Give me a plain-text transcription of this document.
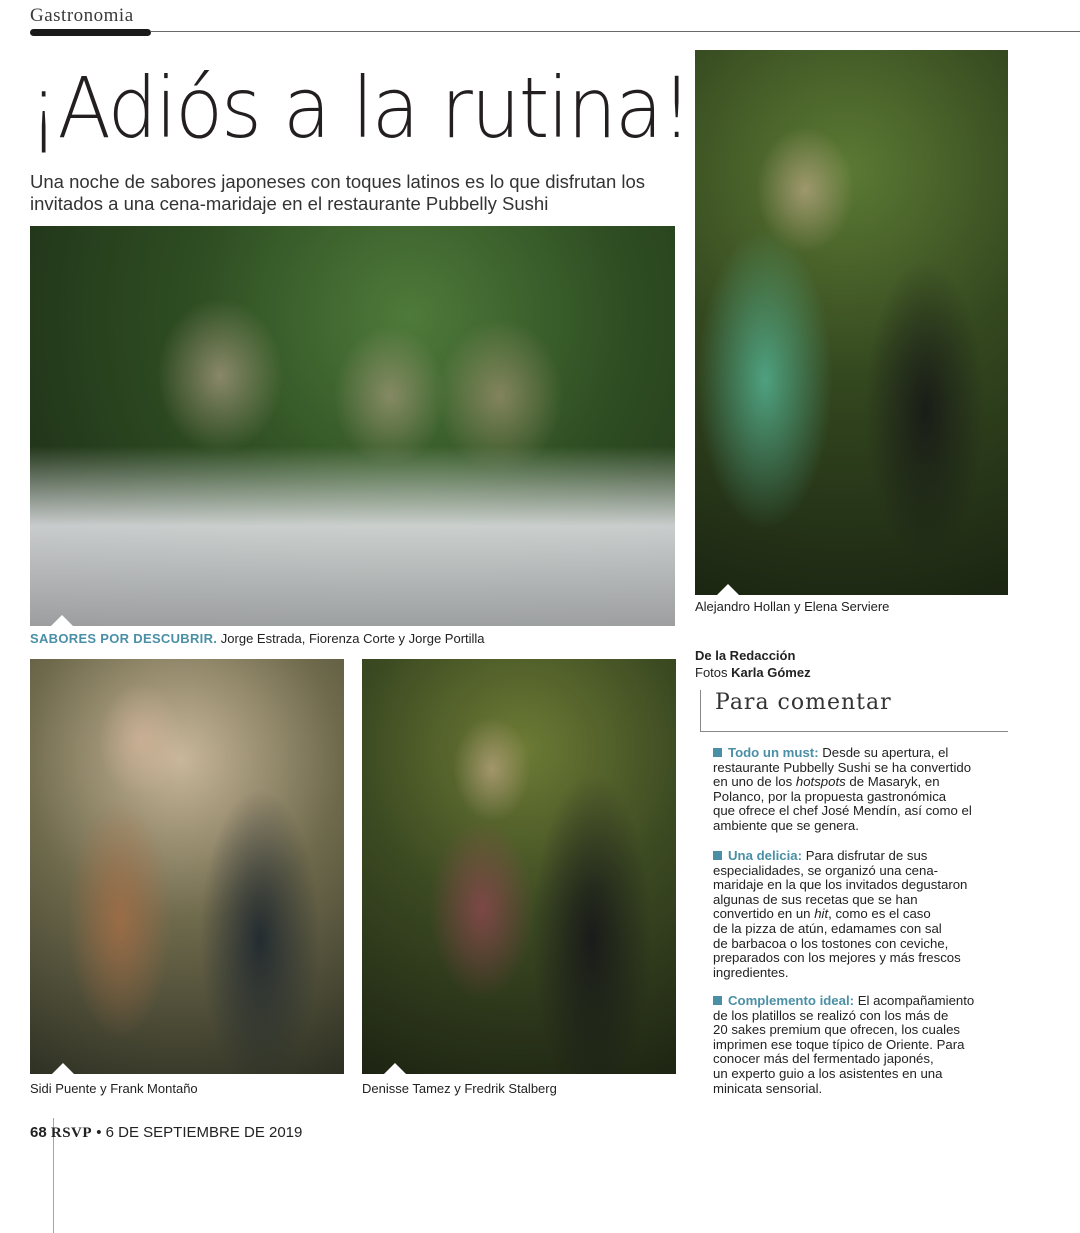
Gastronomia
¡Adiós a la rutina!
Una noche de sabores japoneses con toques latinos es lo que disfrutan los
invitados a una cena-maridaje en el restaurante Pubbelly Sushi
SABORES POR DESCUBRIR. Jorge Estrada, Fiorenza Corte y Jorge Portilla
Alejandro Hollan y Elena Serviere
Sidi Puente y Frank Montaño	Denisse Tamez y Fredrik Stalberg
De la Redacción
Fotos Karla Gómez
Para comentar
Todo un must: Desde su apertura, el
restaurante Pubbelly Sushi se ha convertido
en uno de los hotspots de Masaryk, en
Polanco, por la propuesta gastronómica
que ofrece el chef José Mendín, así como el
ambiente que se genera.
Una delicia: Para disfrutar de sus
especialidades, se organizó una cena-
maridaje en la que los invitados degustaron
algunas de sus recetas que se han
convertido en un hit, como es el caso
de la pizza de atún, edamames con sal
de barbacoa o los tostones con ceviche,
preparados con los mejores y más frescos
ingredientes.
Complemento ideal: El acompañamiento
de los platillos se realizó con los más de
20 sakes premium que ofrecen, los cuales
imprimen ese toque típico de Oriente. Para
conocer más del fermentado japonés,
un experto guio a los asistentes en una
minicata sensorial.
68 RSVP • 6 DE SEPTIEMBRE DE 2019
